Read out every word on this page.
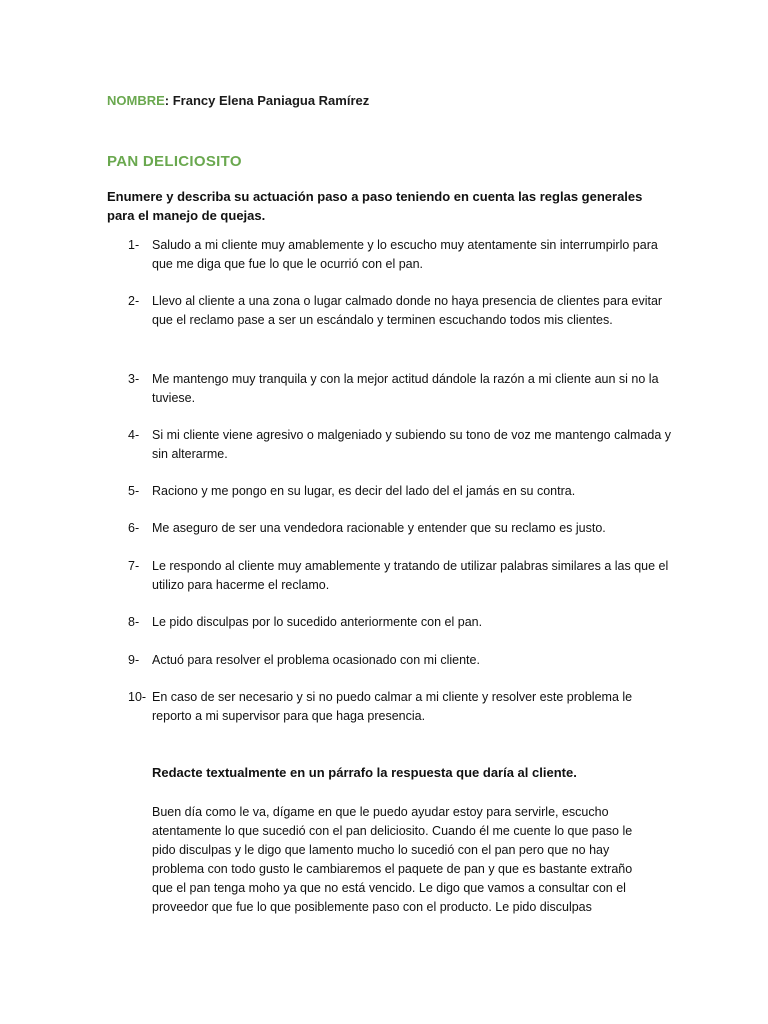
NOMBRE: Francy Elena Paniagua Ramírez
PAN DELICIOSITO
Enumere y describa su actuación paso a paso teniendo en cuenta las reglas generales para el manejo de quejas.
1-	Saludo a mi cliente muy amablemente y lo escucho muy atentamente sin interrumpirlo para que me diga que fue lo que le ocurrió con el pan.
2-	Llevo al cliente a una zona o lugar calmado donde no haya presencia de clientes para evitar que el reclamo pase a ser un escándalo y terminen escuchando todos mis clientes.
3-	Me mantengo muy tranquila y con la mejor actitud dándole la razón a mi cliente aun si no la tuviese.
4-	Si mi cliente viene agresivo o malgeniado y subiendo su tono de voz me mantengo calmada y sin alterarme.
5-	Raciono y me pongo en su lugar, es decir del lado del el jamás en su contra.
6-	Me aseguro de ser una vendedora racionable y entender que su reclamo es justo.
7-	Le respondo al cliente muy amablemente y tratando de utilizar palabras similares a las que el utilizo para hacerme el reclamo.
8-	Le pido disculpas por lo sucedido anteriormente con el pan.
9-	Actuó para resolver el problema ocasionado con mi cliente.
10- En caso de ser necesario y si no puedo calmar a mi cliente y resolver este problema le reporto a mi supervisor para que haga presencia.
Redacte textualmente en un párrafo la respuesta que daría al cliente.
Buen día como le va, dígame en que le puedo ayudar estoy para servirle, escucho atentamente lo que sucedió con el pan deliciosito. Cuando él me cuente lo que paso le pido disculpas y le digo que lamento mucho lo sucedió con el pan pero que no hay problema con todo gusto le cambiaremos el paquete de pan y que es bastante extraño que el pan tenga moho ya que no está vencido. Le digo que vamos a consultar con el proveedor que fue lo que posiblemente paso con el producto. Le pido disculpas
